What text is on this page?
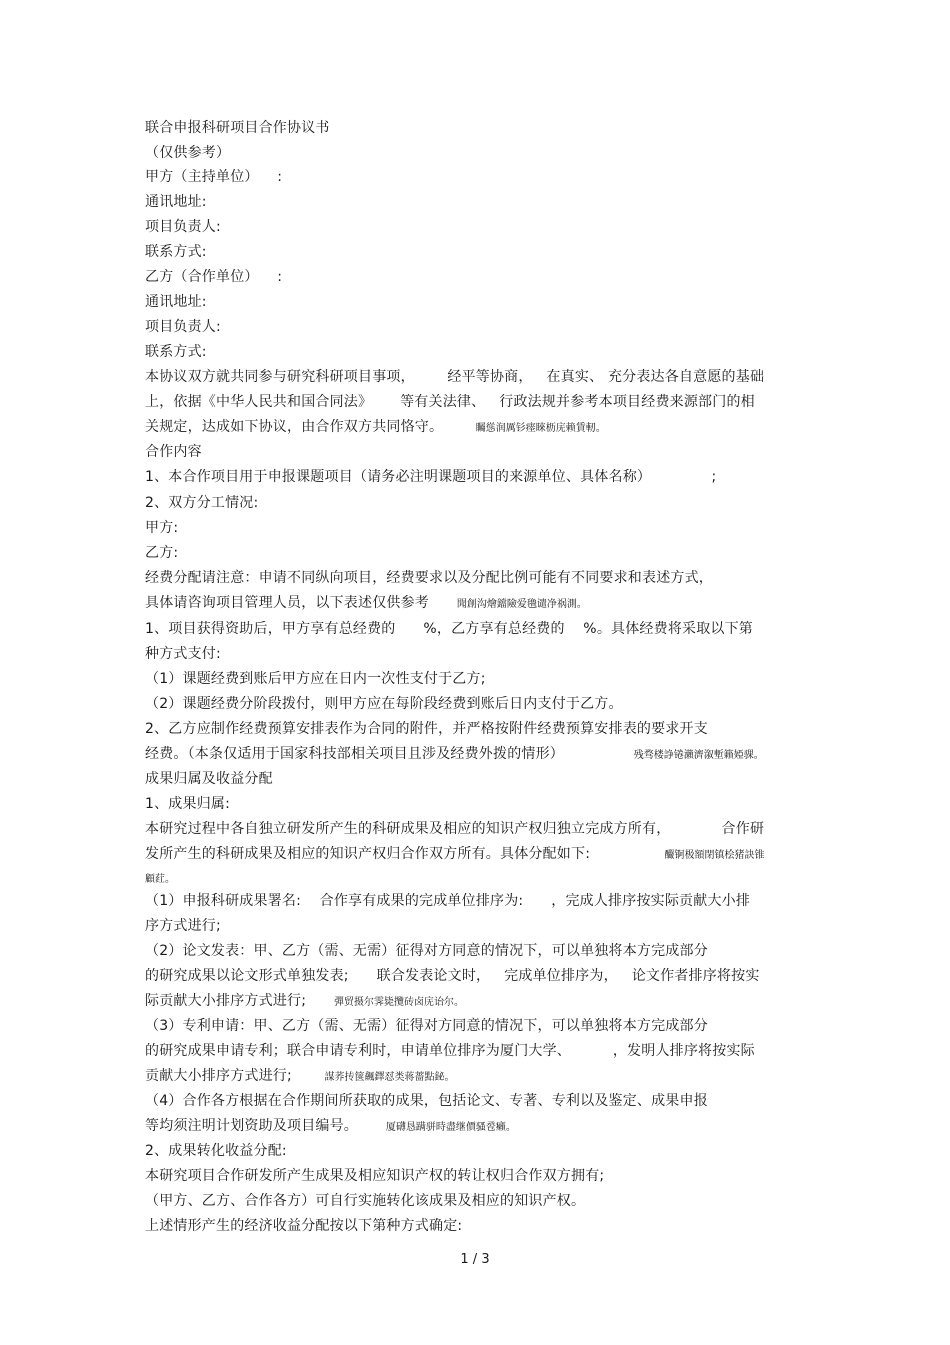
联合申报科研项目合作协议书
（仅供参考）
甲方（主持单位）    :
通讯地址:
项目负责人:
联系方式:
乙方（合作单位）    :
通讯地址:
项目负责人:
联系方式:
本协议双方就共同参与研究科研项目事项，       经平等协商，   在真实、 充分表达各自意愿的基础
上，依据《中华人民共和国合同法》      等有关法律、   行政法规并参考本项目经费来源部门的相
关规定，达成如下协议，由合作双方共同恪守。       矚慫润厲钐瘗睞枥庑赖賃軔。
合作内容
1、本合作项目用于申报课题项目（请务必注明课题项目的来源单位、具体名称）             ;
2、双方分工情况:
甲方:
乙方:
经费分配请注意：申请不同纵向项目，经费要求以及分配比例可能有不同要求和表述方式，
具体请咨询项目管理人员，以下表述仅供参考      聞創沟燴鐺險爱氇谴净祸測。
1、项目获得资助后，甲方享有总经费的      %，乙方享有总经费的    %。具体经费将采取以下第
种方式支付:
（1）课题经费到账后甲方应在日内一次性支付于乙方;
（2）课题经费分阶段拨付，则甲方应在每阶段经费到账后日内支付于乙方。
2、乙方应制作经费预算安排表作为合同的附件，并严格按附件经费预算安排表的要求开支
经费。（本条仅适用于国家科技部相关项目且涉及经费外拨的情形）               残骛楼諍锩瀨濟溆塹籟婭骒。
成果归属及收益分配
1、成果归属:
本研究过程中各自独立研发所产生的科研成果及相应的知识产权归独立完成方所有，           合作研
发所产生的科研成果及相应的知识产权归合作双方所有。具体分配如下:                釅锕极額閉镇桧猪訣锥
顧荭。
（1）申报科研成果署名:    合作享有成果的完成单位排序为:      ，完成人排序按实际贡献大小排
序方式进行;
（2）论文发表：甲、乙方（需、无需）征得对方同意的情况下，可以单独将本方完成部分
的研究成果以论文形式单独发表;      联合发表论文时，   完成单位排序为，   论文作者排序将按实
际贡献大小排序方式进行;      彈贸摄尔霁毙攬砖卤庑诒尔。
（3）专利申请：甲、乙方（需、无需）征得对方同意的情况下，可以单独将本方完成部分
的研究成果申请专利；联合申请专利时，申请单位排序为厦门大学、         ，发明人排序将按实际
贡献大小排序方式进行;       謀荞抟箧飆鐸怼类蒋薔點鉍。
（4）合作各方根据在合作期间所获取的成果，包括论文、专著、专利以及鉴定、成果申报
等均须注明计划资助及项目编号。      厦礴恳蹒骈時盡继價骚卺癩。
2、成果转化收益分配:
本研究项目合作研发所产生成果及相应知识产权的转让权归合作双方拥有;
（甲方、乙方、合作各方）可自行实施转化该成果及相应的知识产权。
上述情形产生的经济收益分配按以下第种方式确定:
1 / 3
